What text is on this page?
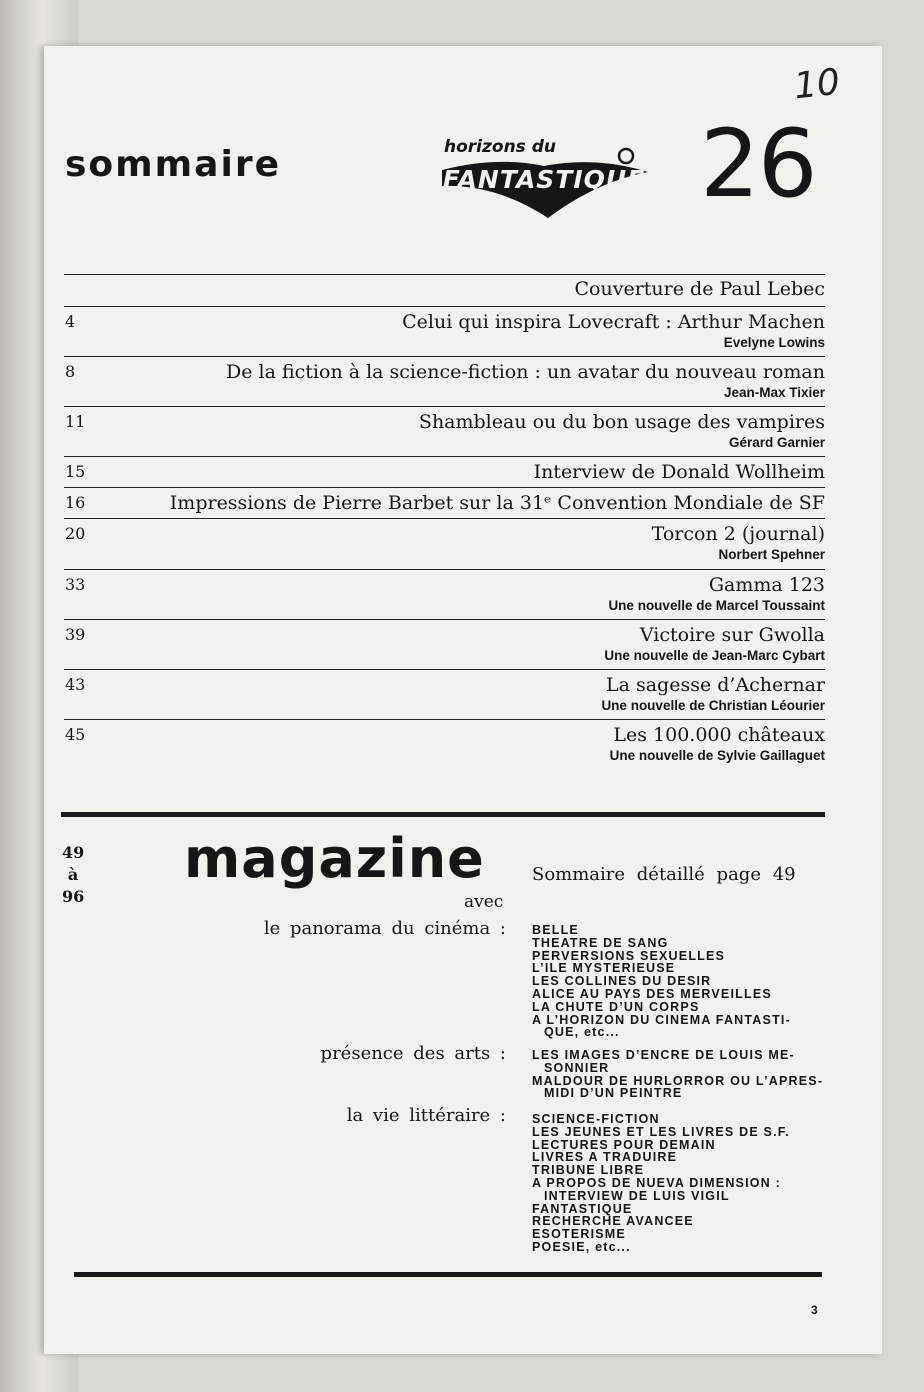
10
sommaire	horizons du
FANTASTIQUE 26
Couverture de Paul Lebec
4	Celui qui inspira Lovecraft : Arthur Machen
Evelyne Lowins
8	De la fiction à la science-fiction : un avatar du nouveau roman
Jean-Max Tixier
11	Shambleau ou du bon usage des vampires
Gérard Garnier
15	Interview de Donald Wollheim
16	Impressions de Pierre Barbet sur la 31ᵉ Convention Mondiale de SF
20	Torcon 2 (journal)
Norbert Spehner
33	Gamma 123
Une nouvelle de Marcel Toussaint
39	Victoire sur Gwolla
Une nouvelle de Jean-Marc Cybart
43	La sagesse d’Achernar
Une nouvelle de Christian Léourier
45	Les 100.000 châteaux
Une nouvelle de Sylvie Gaillaguet
49
à
96
magazine	Sommaire détaillé page 49
avec
le panorama du cinéma : BELLE
THEATRE DE SANG
PERVERSIONS SEXUELLES
L’ILE MYSTERIEUSE
LES COLLINES DU DESIR
ALICE AU PAYS DES MERVEILLES
LA CHUTE D’UN CORPS
A L’HORIZON DU CINEMA FANTASTI-
QUE, etc...
présence des arts : LES IMAGES D’ENCRE DE LOUIS ME-
SONNIER
MALDOUR DE HURLORROR OU L’APRES-
MIDI D’UN PEINTRE
la vie littéraire : SCIENCE-FICTION
LES JEUNES ET LES LIVRES DE S.F.
LECTURES POUR DEMAIN
LIVRES A TRADUIRE
TRIBUNE LIBRE
A PROPOS DE NUEVA DIMENSION :
INTERVIEW DE LUIS VIGIL
FANTASTIQUE
RECHERCHE AVANCEE
ESOTERISME
POESIE, etc...
3
